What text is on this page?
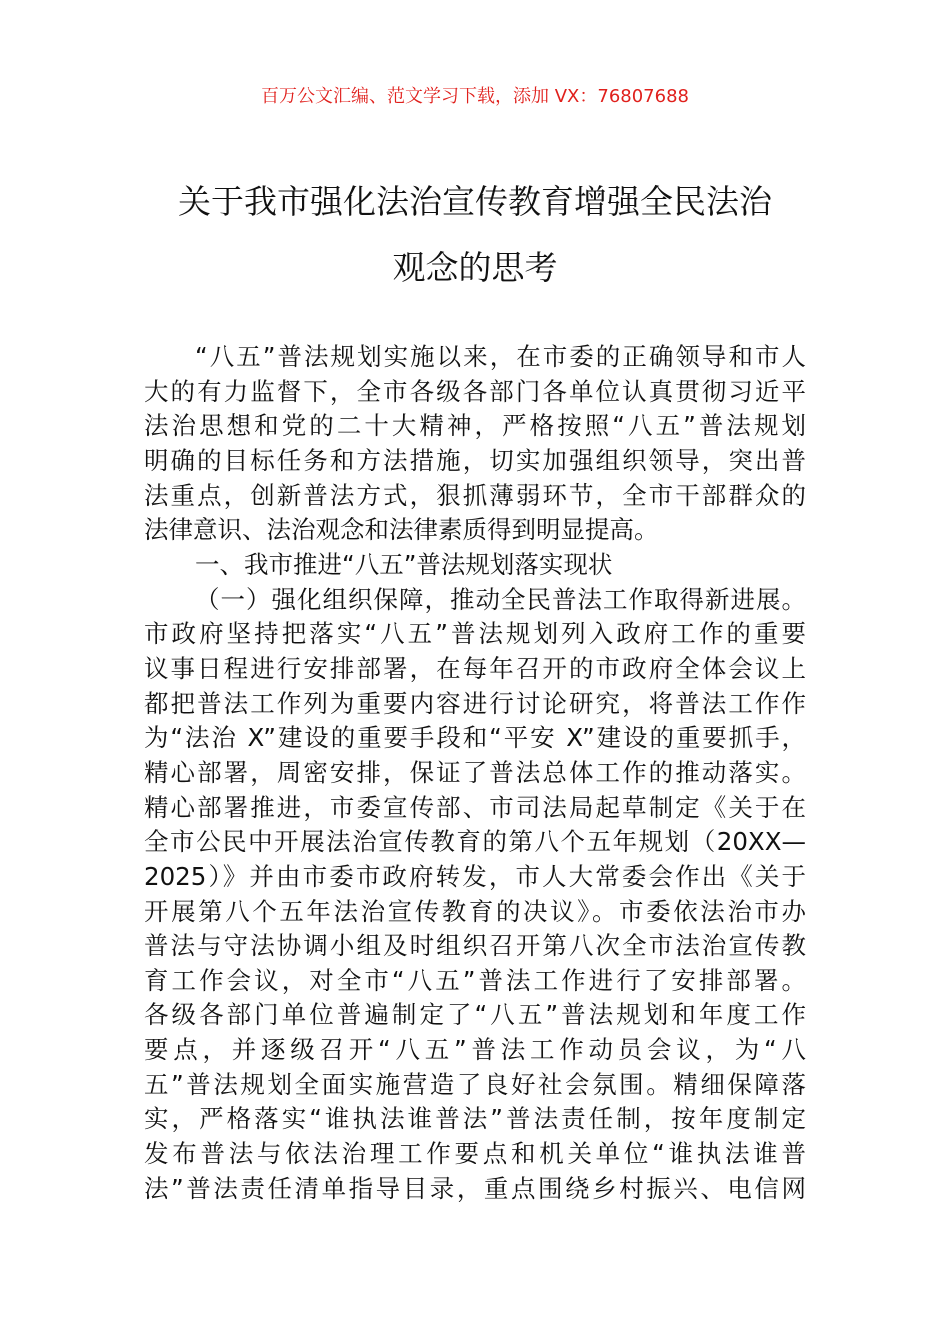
百万公文汇编、范文学习下载，添加 VX：76807688
关于我市强化法治宣传教育增强全民法治
观念的思考
“八五”普法规划实施以来，在市委的正确领导和市人
大的有力监督下，全市各级各部门各单位认真贯彻习近平
法治思想和党的二十大精神，严格按照“八五”普法规划
明确的目标任务和方法措施，切实加强组织领导，突出普
法重点，创新普法方式，狠抓薄弱环节，全市干部群众的
法律意识、法治观念和法律素质得到明显提高。
一、我市推进“八五”普法规划落实现状
（一）强化组织保障，推动全民普法工作取得新进展。
市政府坚持把落实“八五”普法规划列入政府工作的重要
议事日程进行安排部署，在每年召开的市政府全体会议上
都把普法工作列为重要内容进行讨论研究，将普法工作作
为“法治 X”建设的重要手段和“平安 X”建设的重要抓手，
精心部署，周密安排，保证了普法总体工作的推动落实。
精心部署推进，市委宣传部、市司法局起草制定《关于在
全市公民中开展法治宣传教育的第八个五年规划（20XX—
2025）》并由市委市政府转发，市人大常委会作出《关于
开展第八个五年法治宣传教育的决议》。市委依法治市办
普法与守法协调小组及时组织召开第八次全市法治宣传教
育工作会议，对全市“八五”普法工作进行了安排部署。
各级各部门单位普遍制定了“八五”普法规划和年度工作
要点，并逐级召开“八五”普法工作动员会议，为“八
五”普法规划全面实施营造了良好社会氛围。精细保障落
实，严格落实“谁执法谁普法”普法责任制，按年度制定
发布普法与依法治理工作要点和机关单位“谁执法谁普
法”普法责任清单指导目录，重点围绕乡村振兴、电信网
